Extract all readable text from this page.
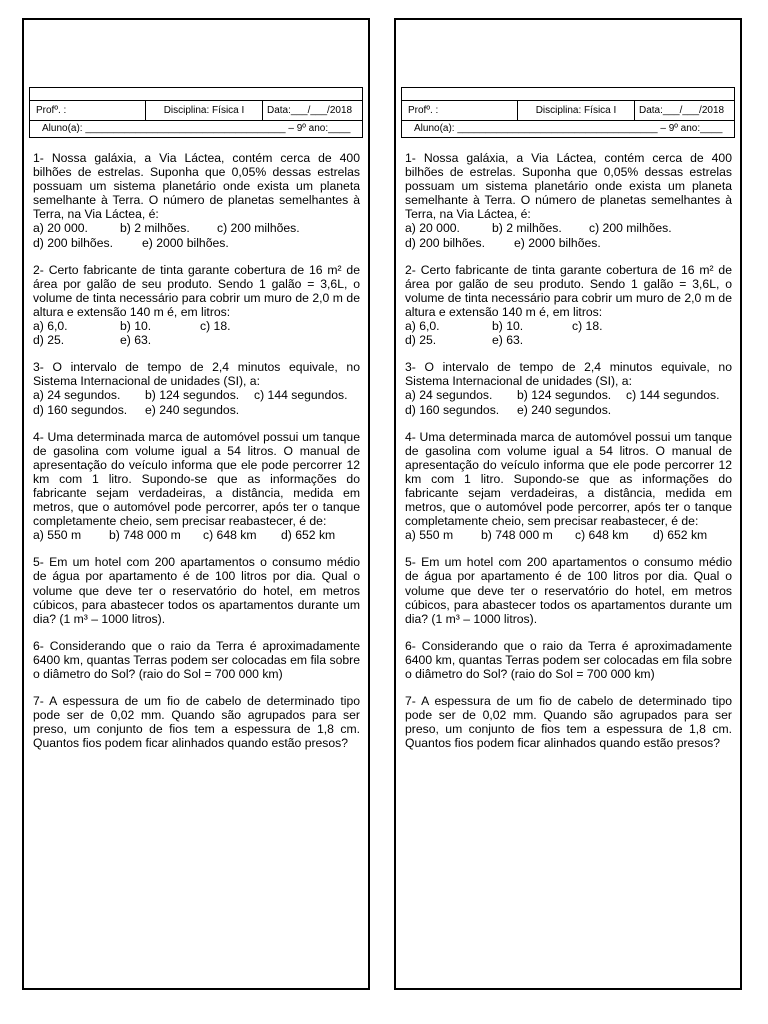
Profº. :	Disciplina: Física I	Data:___/___/2018
Aluno(a): ____________________________________ – 9º ano:____
1- Nossa galáxia, a Via Láctea, contém cerca de 400 bilhões de estrelas. Suponha que 0,05% dessas estrelas possuam um sistema planetário onde exista um planeta semelhante à Terra. O número de planetas semelhantes à Terra, na Via Láctea, é:
a) 20 000.	b) 2 milhões.	c) 200 milhões.
d) 200 bilhões.	e) 2000 bilhões.
2- Certo fabricante de tinta garante cobertura de 16 m² de área por galão de seu produto. Sendo 1 galão = 3,6L, o volume de tinta necessário para cobrir um muro de 2,0 m de altura e extensão 140 m é, em litros:
a) 6,0.	b) 10.	c) 18.
d) 25.	e) 63.
3- O intervalo de tempo de 2,4 minutos equivale, no Sistema Internacional de unidades (SI), a:
a) 24 segundos.	b) 124 segundos.	c) 144 segundos.
d) 160 segundos.	e) 240 segundos.
4- Uma determinada marca de automóvel possui um tanque de gasolina com volume igual a 54 litros. O manual de apresentação do veículo informa que ele pode percorrer 12 km com 1 litro. Supondo-se que as informações do fabricante sejam verdadeiras, a distância, medida em metros, que o automóvel pode percorrer, após ter o tanque completamente cheio, sem precisar reabastecer, é de:
a) 550 m	b) 748 000 m	c) 648 km	d) 652 km
5- Em um hotel com 200 apartamentos o consumo médio de água por apartamento é de 100 litros por dia. Qual o volume que deve ter o reservatório do hotel, em metros cúbicos, para abastecer todos os apartamentos durante um dia? (1 m³ – 1000 litros).
6- Considerando que o raio da Terra é aproximadamente 6400 km, quantas Terras podem ser colocadas em fila sobre o diâmetro do Sol? (raio do Sol = 700 000 km)
7- A espessura de um fio de cabelo de determinado tipo pode ser de 0,02 mm. Quando são agrupados para ser preso, um conjunto de fios tem a espessura de 1,8 cm. Quantos fios podem ficar alinhados quando estão presos?
Profº. :	Disciplina: Física I	Data:___/___/2018
Aluno(a): ____________________________________ – 9º ano:____
1- Nossa galáxia, a Via Láctea, contém cerca de 400 bilhões de estrelas. Suponha que 0,05% dessas estrelas possuam um sistema planetário onde exista um planeta semelhante à Terra. O número de planetas semelhantes à Terra, na Via Láctea, é:
a) 20 000.	b) 2 milhões.	c) 200 milhões.
d) 200 bilhões.	e) 2000 bilhões.
2- Certo fabricante de tinta garante cobertura de 16 m² de área por galão de seu produto. Sendo 1 galão = 3,6L, o volume de tinta necessário para cobrir um muro de 2,0 m de altura e extensão 140 m é, em litros:
a) 6,0.	b) 10.	c) 18.
d) 25.	e) 63.
3- O intervalo de tempo de 2,4 minutos equivale, no Sistema Internacional de unidades (SI), a:
a) 24 segundos.	b) 124 segundos.	c) 144 segundos.
d) 160 segundos.	e) 240 segundos.
4- Uma determinada marca de automóvel possui um tanque de gasolina com volume igual a 54 litros. O manual de apresentação do veículo informa que ele pode percorrer 12 km com 1 litro. Supondo-se que as informações do fabricante sejam verdadeiras, a distância, medida em metros, que o automóvel pode percorrer, após ter o tanque completamente cheio, sem precisar reabastecer, é de:
a) 550 m	b) 748 000 m	c) 648 km	d) 652 km
5- Em um hotel com 200 apartamentos o consumo médio de água por apartamento é de 100 litros por dia. Qual o volume que deve ter o reservatório do hotel, em metros cúbicos, para abastecer todos os apartamentos durante um dia? (1 m³ – 1000 litros).
6- Considerando que o raio da Terra é aproximadamente 6400 km, quantas Terras podem ser colocadas em fila sobre o diâmetro do Sol? (raio do Sol = 700 000 km)
7- A espessura de um fio de cabelo de determinado tipo pode ser de 0,02 mm. Quando são agrupados para ser preso, um conjunto de fios tem a espessura de 1,8 cm. Quantos fios podem ficar alinhados quando estão presos?
